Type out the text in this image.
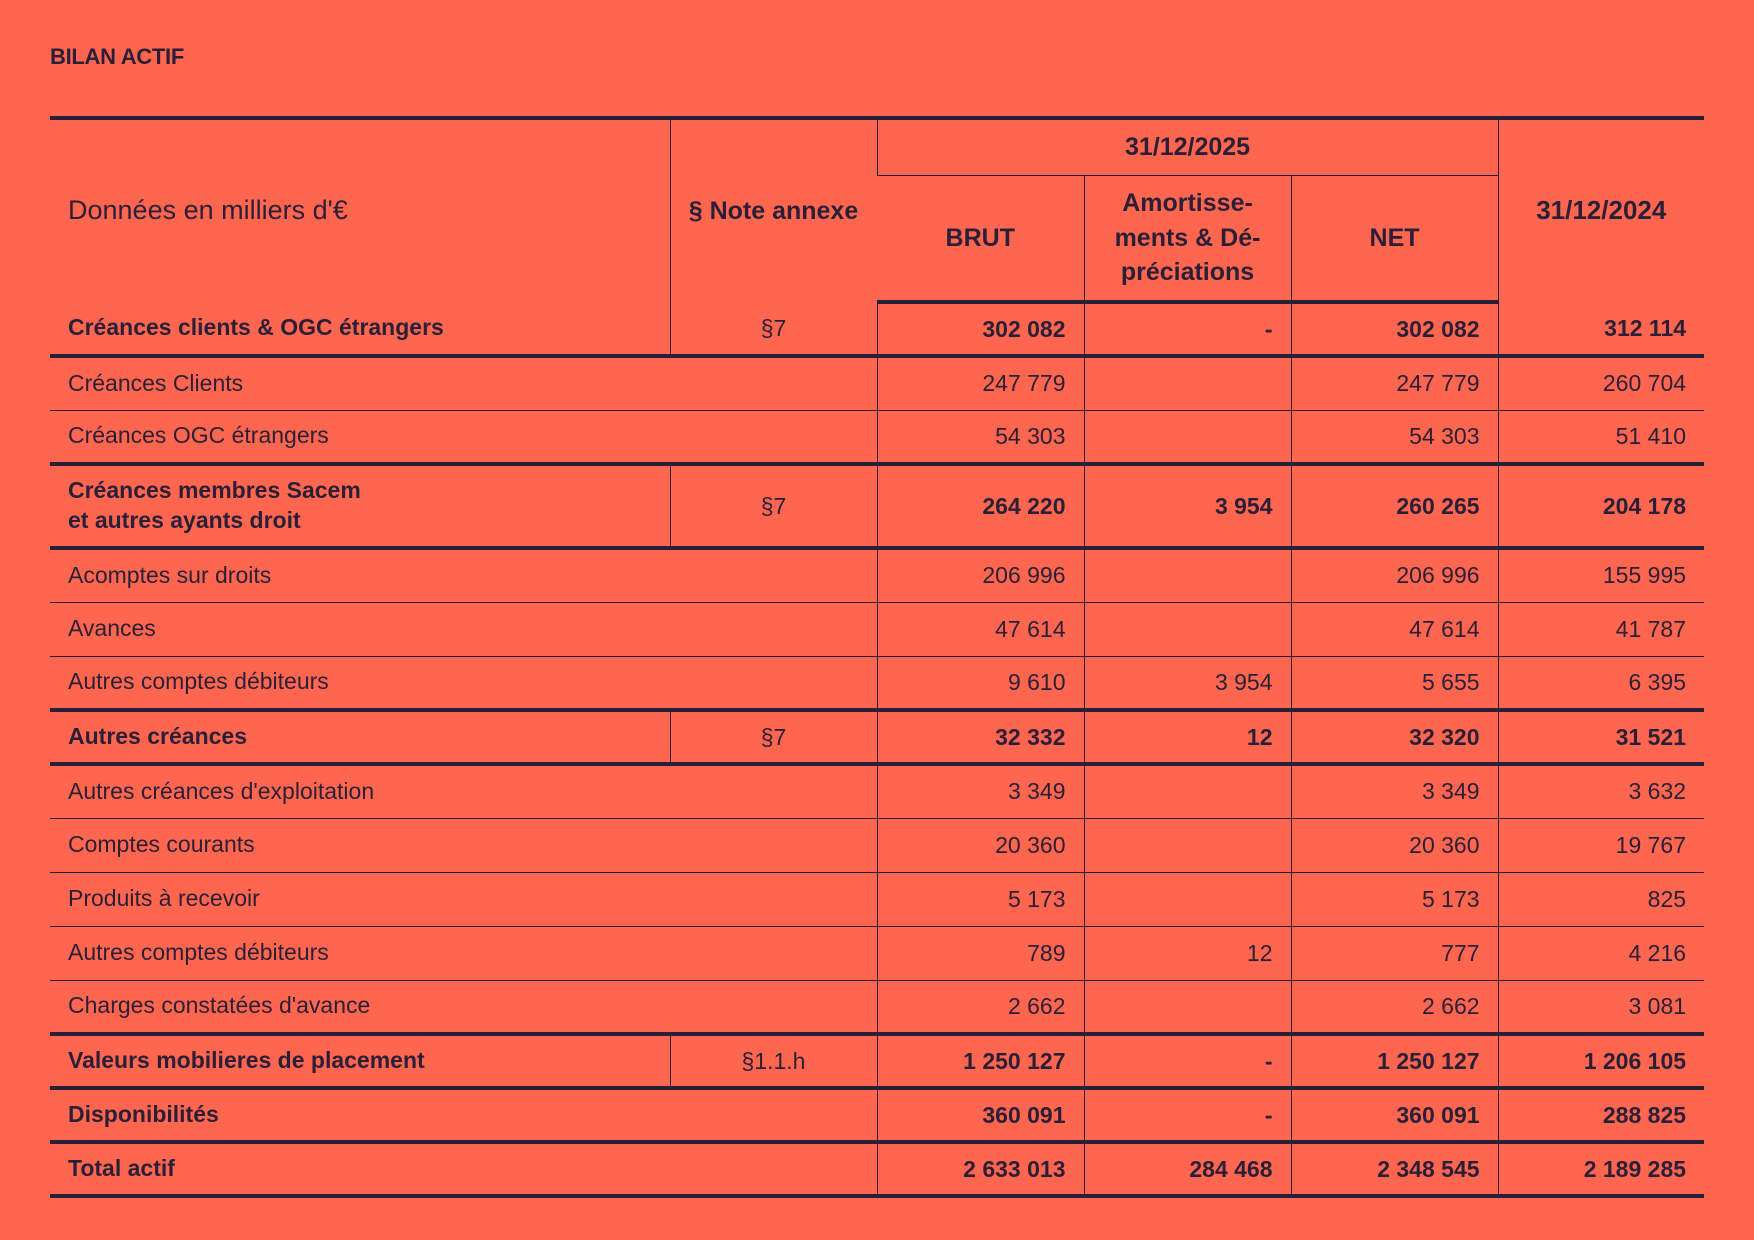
BILAN ACTIF
Données en milliers d'€	§ Note annexe	31/12/2025			31/12/2024
		BRUT	Amortisse-ments & Dé-préciations	NET	
Créances clients & OGC étrangers	§7	302 082	-	302 082	312 114
Créances Clients		247 779		247 779	260 704
Créances OGC étrangers		54 303		54 303	51 410
Créances membres Sacem
et autres ayants droit	§7	264 220	3 954	260 265	204 178
Acomptes sur droits		206 996		206 996	155 995
Avances		47 614		47 614	41 787
Autres comptes débiteurs		9 610	3 954	5 655	6 395
Autres créances	§7	32 332	12	32 320	31 521
Autres créances d'exploitation		3 349		3 349	3 632
Comptes courants		20 360		20 360	19 767
Produits à recevoir		5 173		5 173	825
Autres comptes débiteurs		789	12	777	4 216
Charges constatées d'avance		2 662		2 662	3 081
Valeurs mobilieres de placement	§1.1.h	1 250 127	-	1 250 127	1 206 105
Disponibilités		360 091	-	360 091	288 825
Total actif		2 633 013	284 468	2 348 545	2 189 285
